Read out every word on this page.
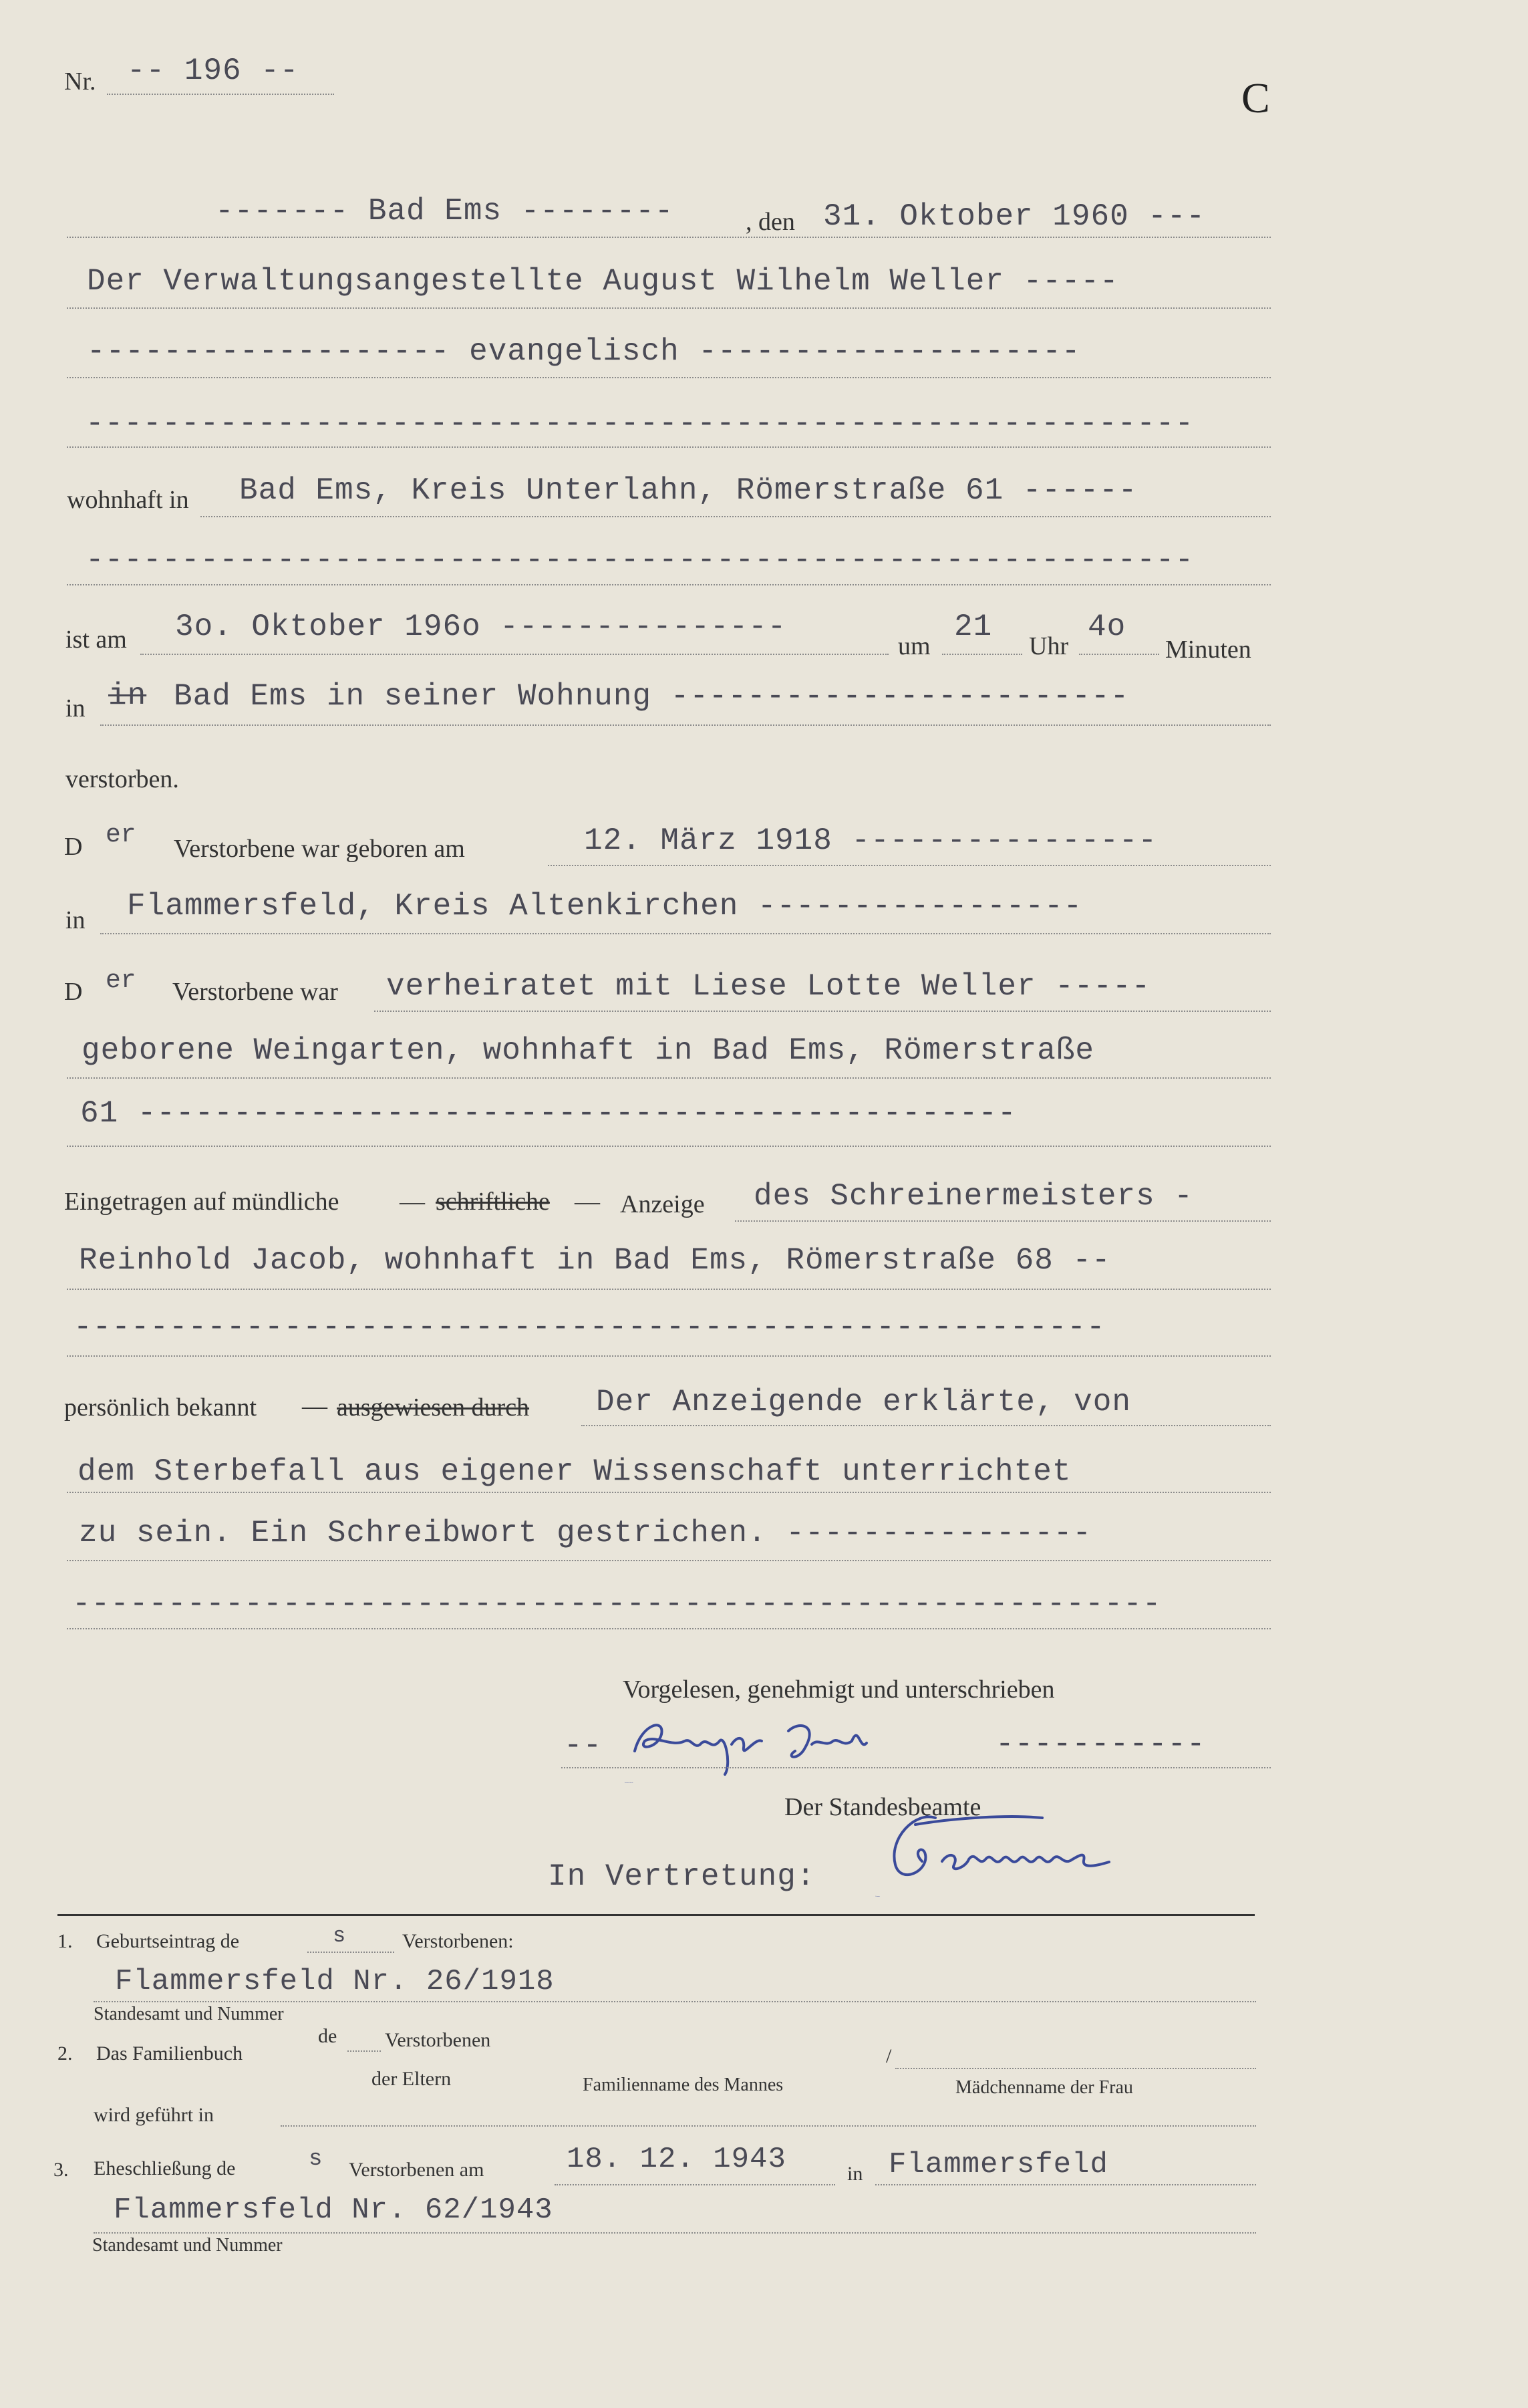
Nr. -- 196 --
C
------- Bad Ems --------	, den 31. Oktober 1960 ---
Der Verwaltungsangestellte August Wilhelm Weller -----
------------------- evangelisch --------------------
----------------------------------------------------------
wohnhaft in Bad Ems, Kreis Unterlahn, Römerstraße 61 ------
----------------------------------------------------------
ist am 3o. Oktober 196o ---------------
um
21
Uhr
4o
Minuten
in in Bad Ems in seiner Wohnung ------------------------
verstorben.
D er Verstorbene war geboren am	12. März 1918 ----------------
in Flammersfeld, Kreis Altenkirchen -----------------
D er Verstorbene war verheiratet mit Liese Lotte Weller -----
geborene Weingarten, wohnhaft in Bad Ems, Römerstraße
61 ----------------------------------------------
Eingetragen auf mündliche — schriftliche — Anzeige des Schreinermeisters -
Reinhold Jacob, wohnhaft in Bad Ems, Römerstraße 68 --
------------------------------------------------------
persönlich bekannt — ausgewiesen durch Der Anzeigende erklärte, von
dem Sterbefall aus eigener Wissenschaft unterrichtet
zu sein. Ein Schreibwort gestrichen. ----------------
---------------------------------------------------------
Vorgelesen, genehmigt und unterschrieben
--
Reinhold Jacob
-----------
Der Standesbeamte
In Vertretung:
Gemmer
1. Geburtseintrag de	s	Verstorbenen:
Flammersfeld Nr. 26/1918
Standesamt und Nummer
2. Das Familienbuch
de Verstorbenen
der Eltern	Familienname des Mannes
/
Mädchenname der Frau
wird geführt in
3. Eheschließung de	s Verstorbenen am	18. 12. 1943	in Flammersfeld
Flammersfeld Nr. 62/1943
Standesamt und Nummer
